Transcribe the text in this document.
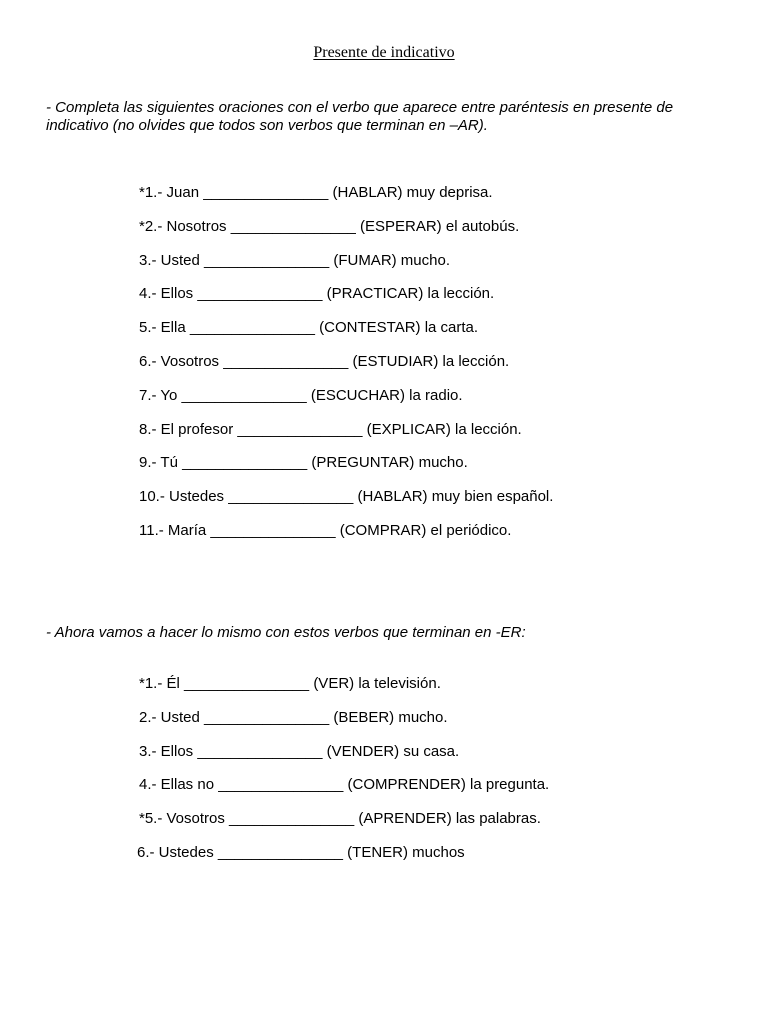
Presente de indicativo

- Completa las siguientes oraciones con el verbo que aparece entre paréntesis en presente de indicativo (no olvides que todos son verbos que terminan en –AR).

*1.- Juan _______________ (HABLAR) muy deprisa.
*2.- Nosotros _______________ (ESPERAR) el autobús.
3.- Usted _______________ (FUMAR) mucho.
4.- Ellos _______________ (PRACTICAR) la lección.
5.- Ella _______________ (CONTESTAR) la carta.
6.- Vosotros _______________ (ESTUDIAR) la lección.
7.- Yo _______________ (ESCUCHAR) la radio.
8.- El profesor _______________ (EXPLICAR) la lección.
9.- Tú _______________ (PREGUNTAR) mucho.
10.- Ustedes _______________ (HABLAR) muy bien español.
11.- María _______________ (COMPRAR) el periódico.

- Ahora vamos a hacer lo mismo con estos verbos que terminan en -ER:

*1.- Él _______________ (VER) la televisión.
2.- Usted _______________ (BEBER) mucho.
3.- Ellos _______________ (VENDER) su casa.
4.- Ellas no _______________ (COMPRENDER) la pregunta.
*5.- Vosotros _______________ (APRENDER) las palabras.
6.- Ustedes _______________ (TENER) muchos
